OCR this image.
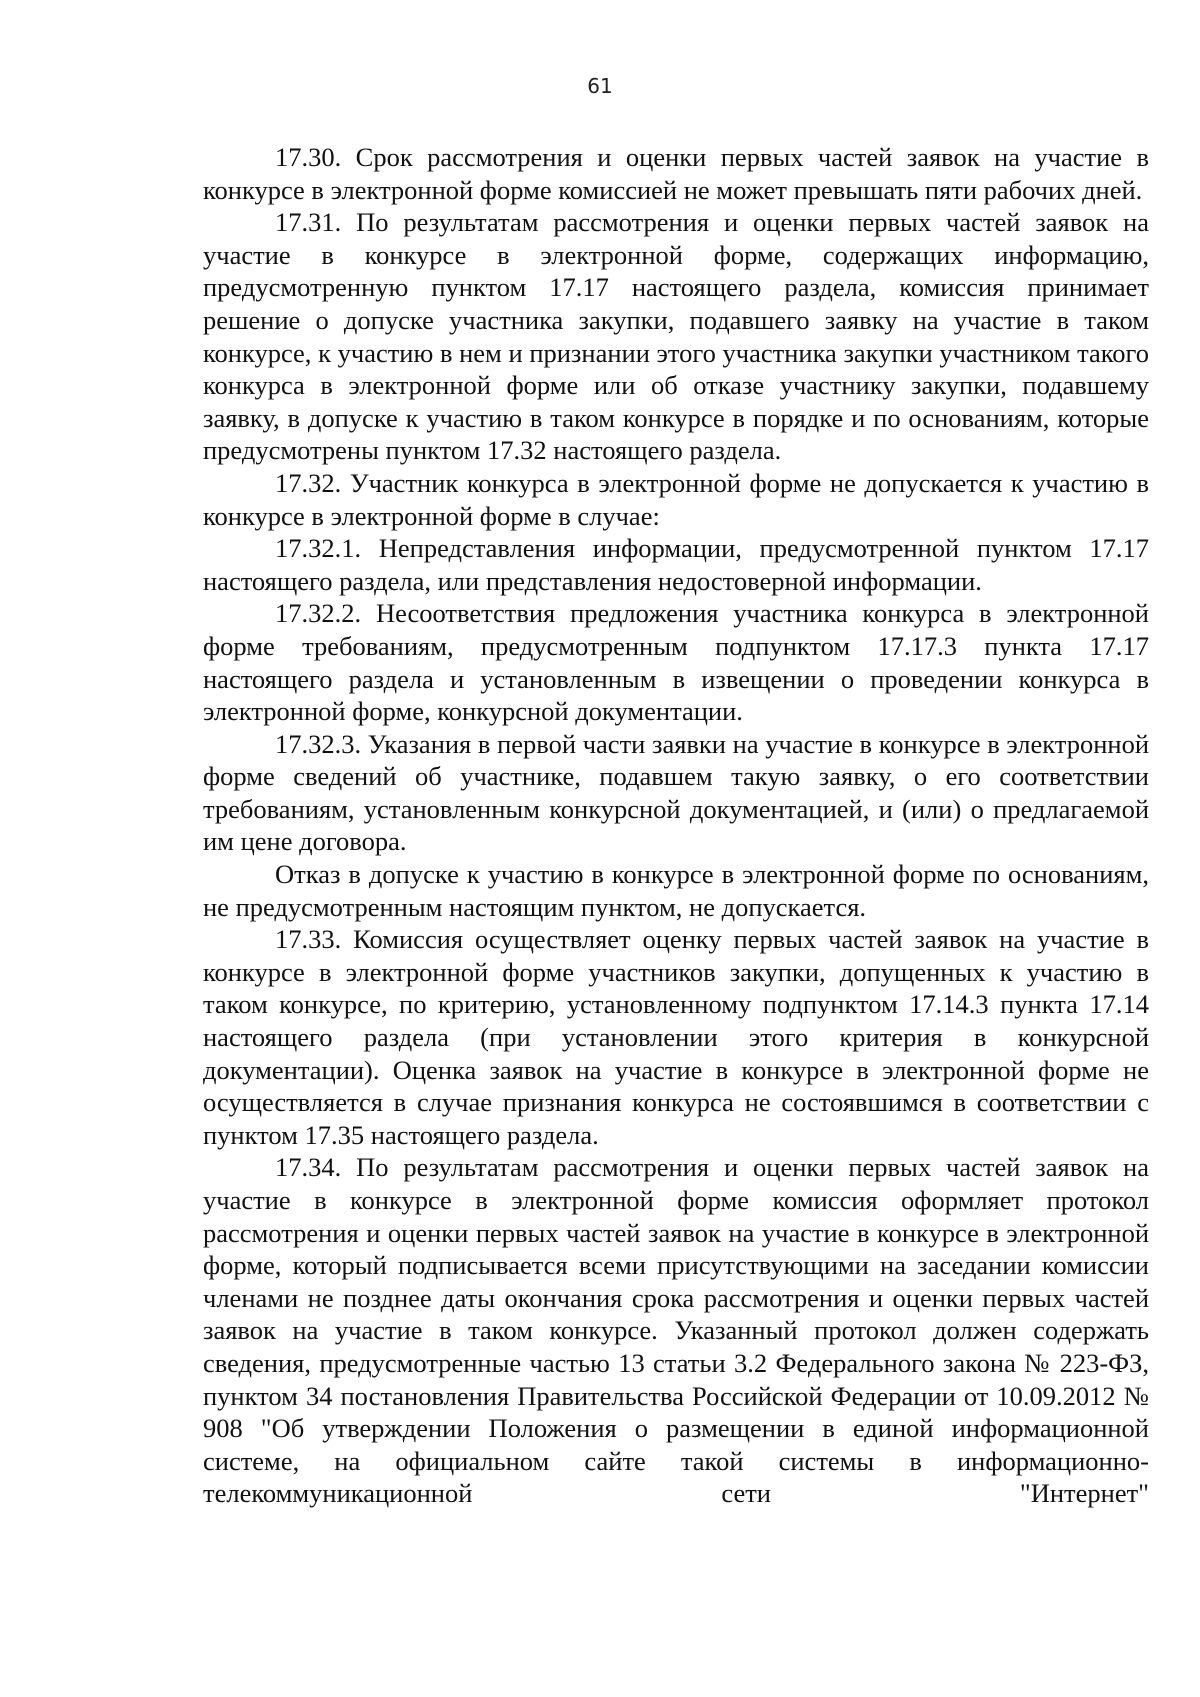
61

17.30. Срок рассмотрения и оценки первых частей заявок на участие в конкурсе в электронной форме комиссией не может превышать пяти рабочих дней.

17.31. По результатам рассмотрения и оценки первых частей заявок на участие в конкурсе в электронной форме, содержащих информацию, предусмотренную пунктом 17.17 настоящего раздела, комиссия принимает решение о допуске участника закупки, подавшего заявку на участие в таком конкурсе, к участию в нем и признании этого участника закупки участником такого конкурса в электронной форме или об отказе участнику закупки, подавшему заявку, в допуске к участию в таком конкурсе в порядке и по основаниям, которые предусмотрены пунктом 17.32 настоящего раздела.

17.32. Участник конкурса в электронной форме не допускается к участию в конкурсе в электронной форме в случае:

17.32.1. Непредставления информации, предусмотренной пунктом 17.17 настоящего раздела, или представления недостоверной информации.

17.32.2. Несоответствия предложения участника конкурса в электронной форме требованиям, предусмотренным подпунктом 17.17.3 пункта 17.17 настоящего раздела и установленным в извещении о проведении конкурса в электронной форме, конкурсной документации.

17.32.3. Указания в первой части заявки на участие в конкурсе в электронной форме сведений об участнике, подавшем такую заявку, о его соответствии требованиям, установленным конкурсной документацией, и (или) о предлагаемой им цене договора.

Отказ в допуске к участию в конкурсе в электронной форме по основаниям, не предусмотренным настоящим пунктом, не допускается.

17.33. Комиссия осуществляет оценку первых частей заявок на участие в конкурсе в электронной форме участников закупки, допущенных к участию в таком конкурсе, по критерию, установленному подпунктом 17.14.3 пункта 17.14 настоящего раздела (при установлении этого критерия в конкурсной документации). Оценка заявок на участие в конкурсе в электронной форме не осуществляется в случае признания конкурса не состоявшимся в соответствии с пунктом 17.35 настоящего раздела.

17.34. По результатам рассмотрения и оценки первых частей заявок на участие в конкурсе в электронной форме комиссия оформляет протокол рассмотрения и оценки первых частей заявок на участие в конкурсе в электронной форме, который подписывается всеми присутствующими на заседании комиссии членами не позднее даты окончания срока рассмотрения и оценки первых частей заявок на участие в таком конкурсе. Указанный протокол должен содержать сведения, предусмотренные частью 13 статьи 3.2 Федерального закона № 223-ФЗ, пунктом 34 постановления Правительства Российской Федерации от 10.09.2012 № 908 "Об утверждении Положения о размещении в единой информационной системе, на официальном сайте такой системы в информационно-телекоммуникационной сети "Интернет"
